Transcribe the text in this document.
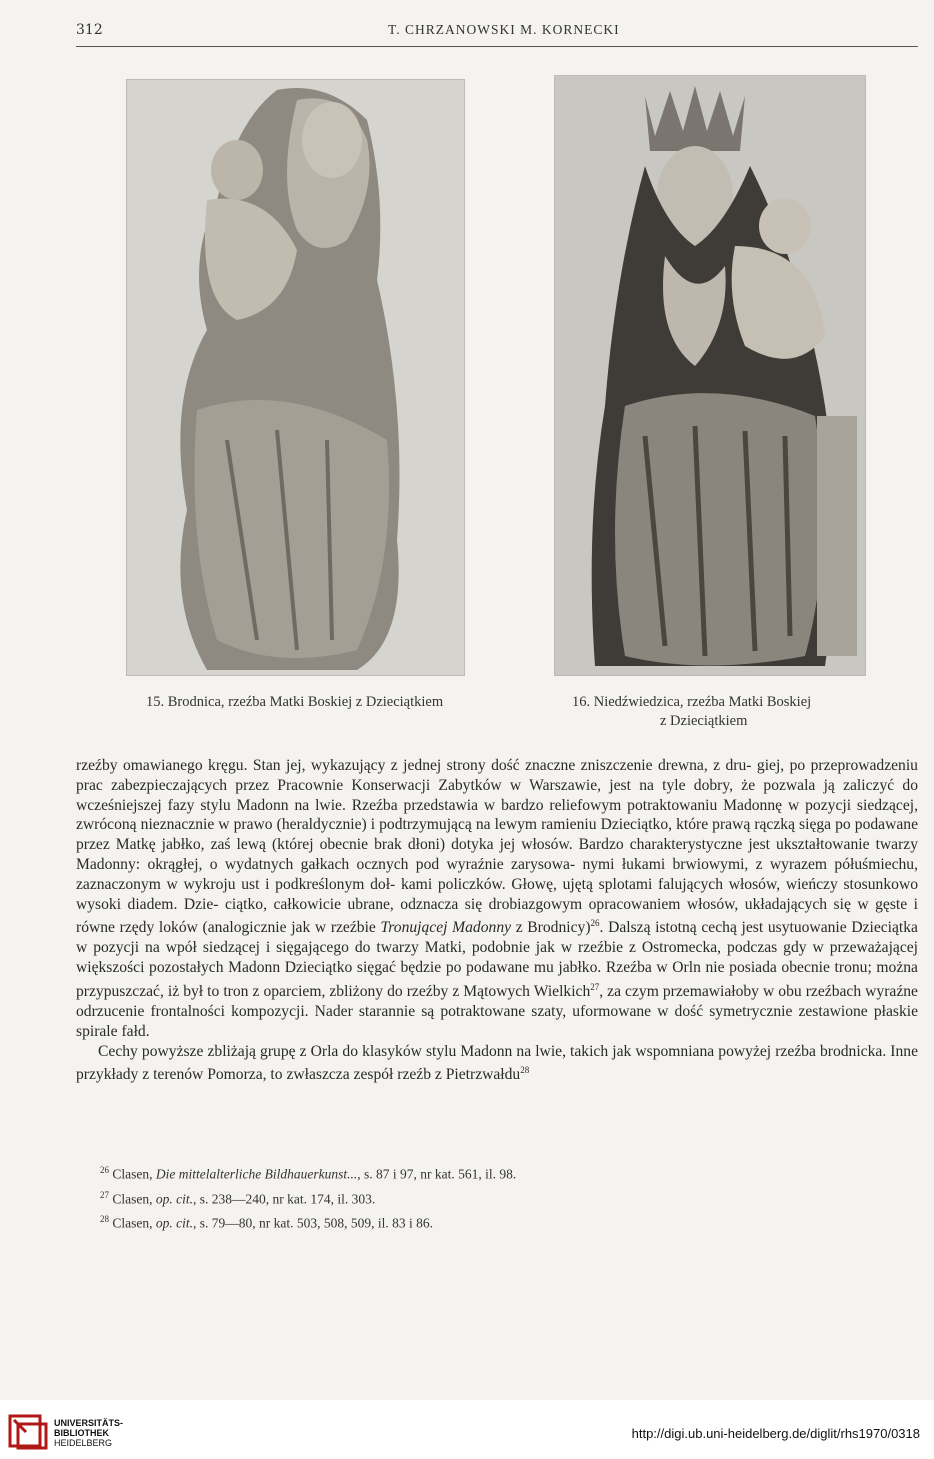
312	T. CHRZANOWSKI M. KORNECKI
15. Brodnica, rzeźba Matki Boskiej z Dzieciątkiem	16. Niedźwiedzica, rzeźba Matki Boskiej
z Dzieciątkiem

rzeźby omawianego kręgu. Stan jej, wykazujący z jednej strony dość znaczne zniszczenie drewna, z dru- giej, po przeprowadzeniu prac zabezpieczających przez Pracownie Konserwacji Zabytków w Warszawie, jest na tyle dobry, że pozwala ją zaliczyć do wcześniejszej fazy stylu Madonn na lwie. Rzeźba przedstawia w bardzo reliefowym potraktowaniu Madonnę w pozycji siedzącej, zwróconą nieznacznie w prawo (heraldycznie) i podtrzymującą na lewym ramieniu Dzieciątko, które prawą rączką sięga po podawane przez Matkę jabłko, zaś lewą (której obecnie brak dłoni) dotyka jej włosów. Bardzo charakterystyczne jest ukształtowanie twarzy Madonny: okrągłej, o wydatnych gałkach ocznych pod wyraźnie zarysowa- nymi łukami brwiowymi, z wyrazem półuśmiechu, zaznaczonym w wykroju ust i podkreślonym doł- kami policzków. Głowę, ujętą splotami falujących włosów, wieńczy stosunkowo wysoki diadem. Dzie- ciątko, całkowicie ubrane, odznacza się drobiazgowym opracowaniem włosów, układających się w gęste i równe rzędy loków (analogicznie jak w rzeźbie Tronującej Madonny z Brodnicy)$^{26}$. Dalszą istotną cechą jest usytuowanie Dzieciątka w pozycji na wpół siedzącej i sięgającego do twarzy Matki, podobnie jak w rzeźbie z Ostromecka, podczas gdy w przeważającej większości pozostałych Madonn Dzieciątko sięgać będzie po podawane mu jabłko. Rzeźba w Orln nie posiada obecnie tronu; można przypuszczać, iż był to tron z oparciem, zbliżony do rzeźby z Mątowych Wielkich$^{27}$, za czym przemawiałoby w obu rzeźbach wyraźne odrzucenie frontalności kompozycji. Nader starannie są potraktowane szaty, uformowane w dość symetrycznie zestawione płaskie spirale fałd.

Cechy powyższe zbliżają grupę z Orla do klasyków stylu Madonn na lwie, takich jak wspomniana powyżej rzeźba brodnicka. Inne przykłady z terenów Pomorza, to zwłaszcza zespół rzeźb z Pietrzwałdu$^{28}$

$^{26}$ Clasen, Die mittelalterliche Bildhauerkunst..., s. 87 i 97, nr kat. 561, il. 98.
$^{27}$ Clasen, op. cit., s. 238—240, nr kat. 174, il. 303.
$^{28}$ Clasen, op. cit., s. 79—80, nr kat. 503, 508, 509, il. 83 i 86.
UNIVERSITÄTS-
BIBLIOTHEK
HEIDELBERG
http://digi.ub.uni-heidelberg.de/diglit/rhs1970/0318
